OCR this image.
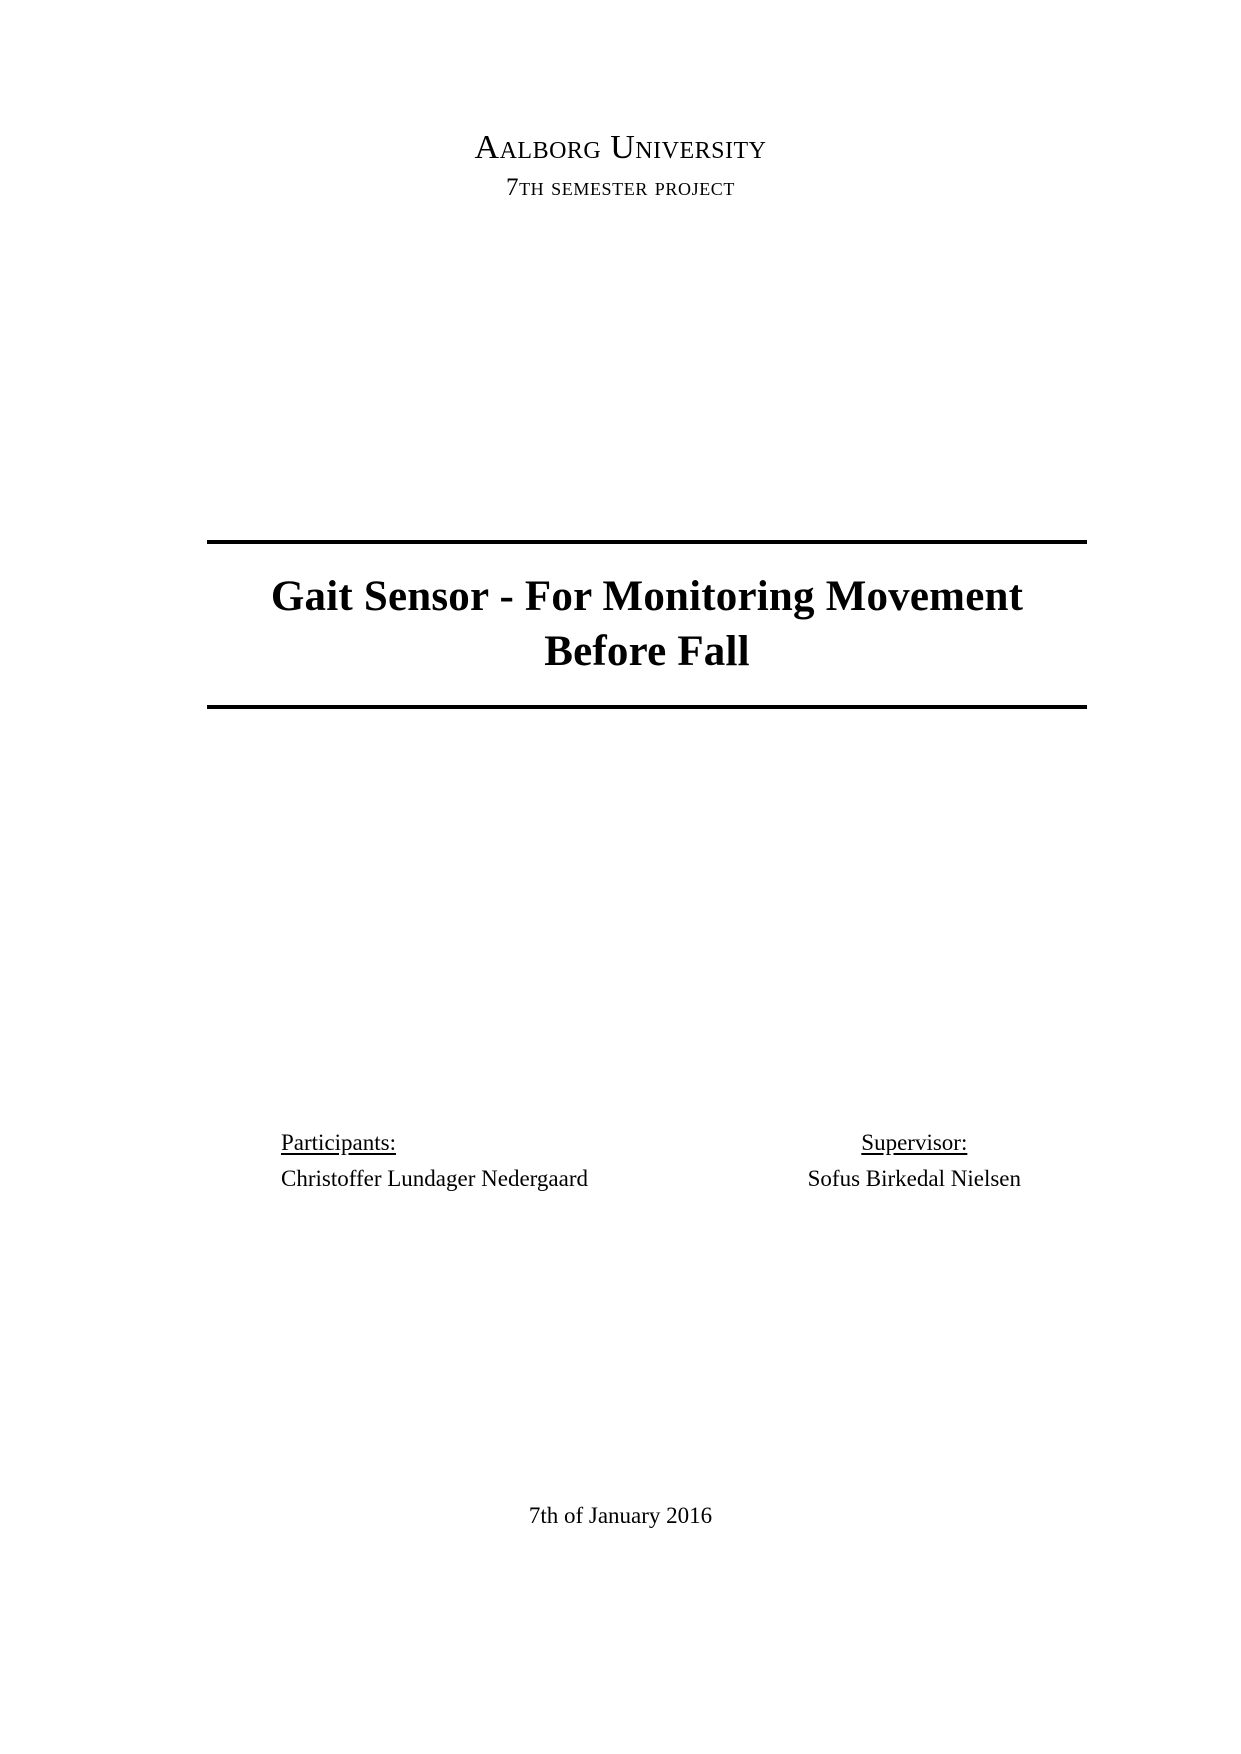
Aalborg University
7th semester project
Gait Sensor - For Monitoring Movement Before Fall
Participants:
Christoffer Lundager Nedergaard
Supervisor:
Sofus Birkedal Nielsen
7th of January 2016
